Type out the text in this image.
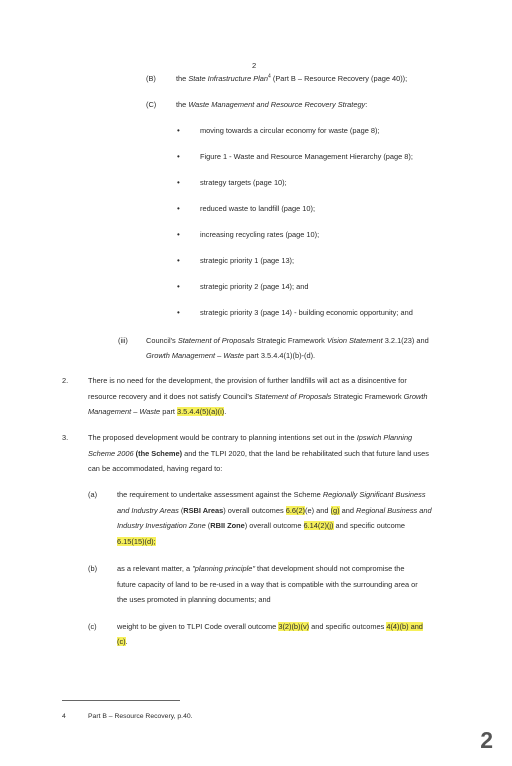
2
(B)	the State Infrastructure Plan$^4$ (Part B – Resource Recovery (page 40));
(C)	the Waste Management and Resource Recovery Strategy:
•	moving towards a circular economy for waste (page 8);
•	Figure 1 - Waste and Resource Management Hierarchy (page 8);
•	strategy targets (page 10);
•	reduced waste to landfill (page 10);
•	increasing recycling rates (page 10);
•	strategic priority 1 (page 13);
•	strategic priority 2 (page 14); and
•	strategic priority 3 (page 14) - building economic opportunity; and
(iii) Council's Statement of Proposals Strategic Framework Vision Statement 3.2.1(23) and
Growth Management – Waste part 3.5.4.4(1)(b)-(d).
2.	There is no need for the development, the provision of further landfills will act as a disincentive for
resource recovery and it does not satisfy Council's Statement of Proposals Strategic Framework Growth
Management – Waste part 3.5.4.4(5)(a)(i).
3.	The proposed development would be contrary to planning intentions set out in the Ipswich Planning
Scheme 2006 (the Scheme) and the TLPI 2020, that the land be rehabilitated such that future land uses
can be accommodated, having regard to:
(a)	the requirement to undertake assessment against the Scheme Regionally Significant Business
and Industry Areas (RSBI Areas) overall outcomes 6.6(2)(e) and (g) and Regional Business and
Industry Investigation Zone (RBII Zone) overall outcome 6.14(2)(j) and specific outcome
6.15(15)(d);
(b)	as a relevant matter, a "planning principle" that development should not compromise the
future capacity of land to be re-used in a way that is compatible with the surrounding area or
the uses promoted in planning documents; and
(c)	weight to be given to TLPI Code overall outcome 3(2)(b)(v) and specific outcomes 4(4)(b) and
(c).
4	Part B – Resource Recovery, p.40.
2
